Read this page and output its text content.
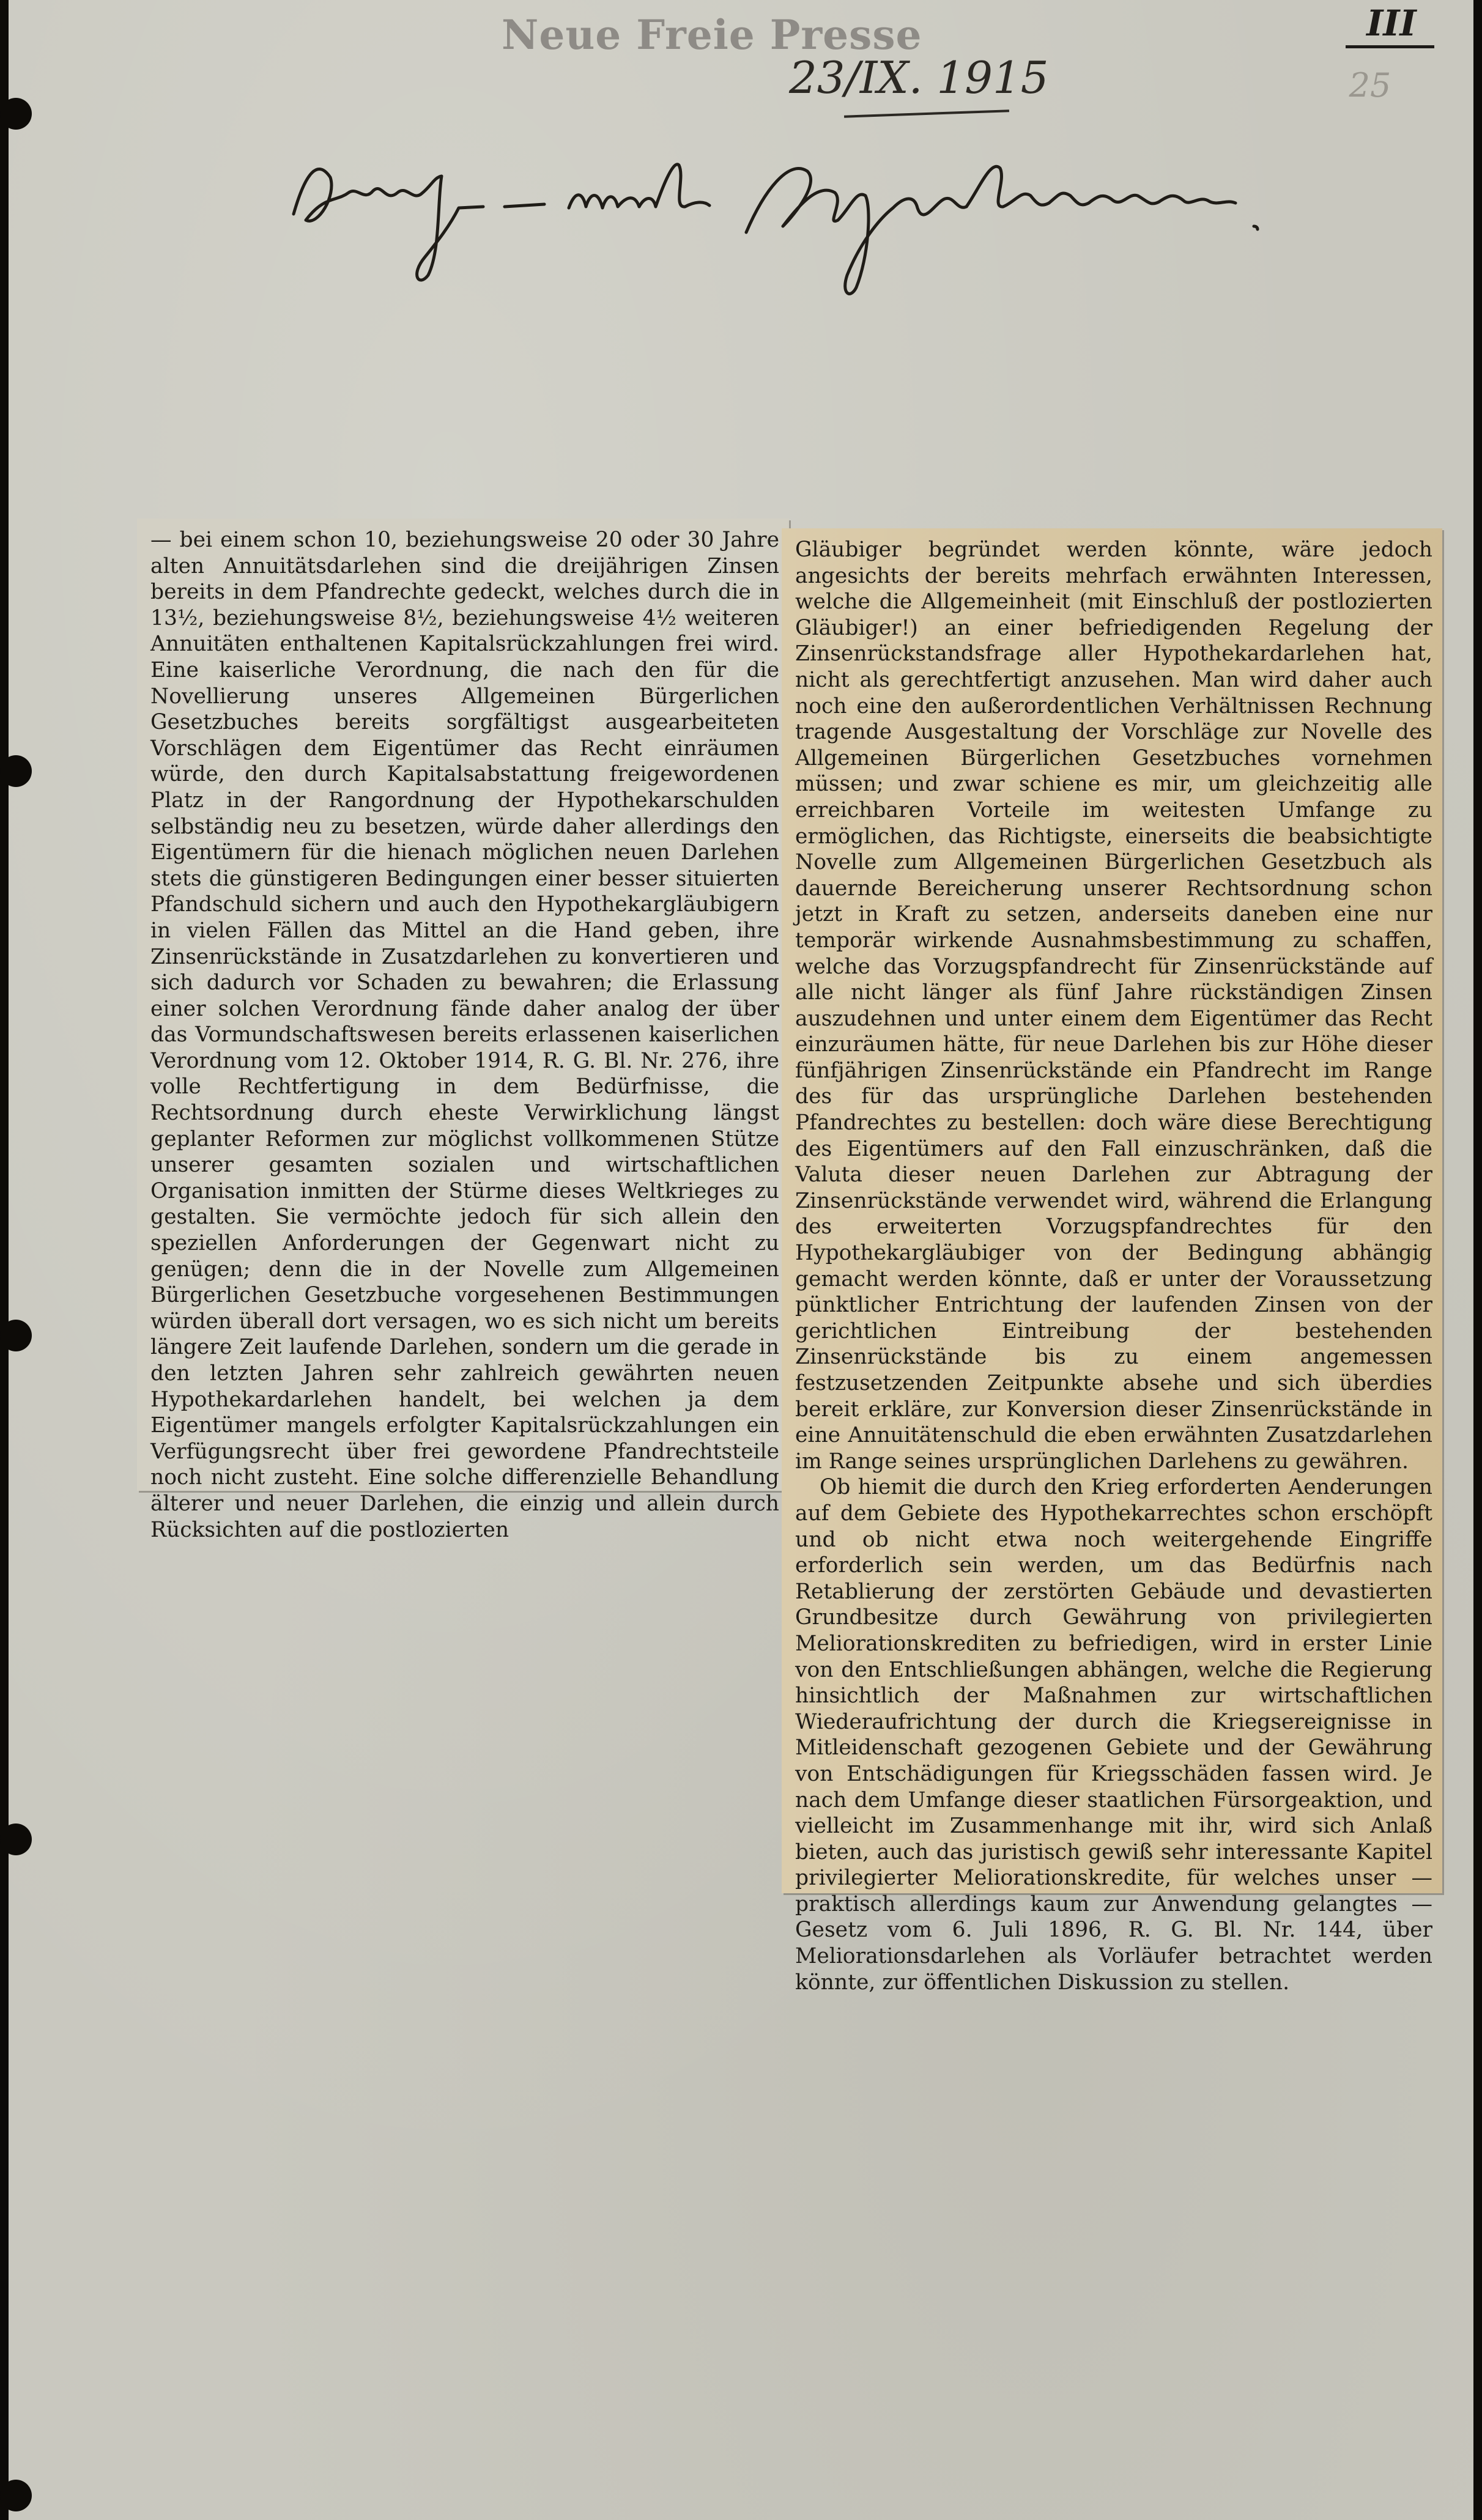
Neue Freie Presse
23/IX. 1915
III
25

— bei einem schon 10, beziehungsweise 20 oder 30 Jahre alten Annuitätsdarlehen sind die dreijährigen Zinsen bereits in dem Pfandrechte gedeckt, welches durch die in 13½, beziehungsweise 8½, beziehungsweise 4½ weiteren Annuitäten enthaltenen Kapitalsrückzahlungen frei wird. Eine kaiserliche Verordnung, die nach den für die Novellierung unseres Allgemeinen Bürgerlichen Gesetzbuches bereits sorgfältigst ausgearbeiteten Vorschlägen dem Eigentümer das Recht einräumen würde, den durch Kapitalsabstattung freigewordenen Platz in der Rangordnung der Hypothekarschulden selbständig neu zu besetzen, würde daher allerdings den Eigentümern für die hienach möglichen neuen Darlehen stets die günstigeren Bedingungen einer besser situierten Pfandschuld sichern und auch den Hypothekargläubigern in vielen Fällen das Mittel an die Hand geben, ihre Zinsenrückstände in Zusatzdarlehen zu konvertieren und sich dadurch vor Schaden zu bewahren; die Erlassung einer solchen Verordnung fände daher analog der über das Vormundschaftswesen bereits erlassenen kaiserlichen Verordnung vom 12. Oktober 1914, R. G. Bl. Nr. 276, ihre volle Rechtfertigung in dem Bedürfnisse, die Rechtsordnung durch eheste Verwirklichung längst geplanter Reformen zur möglichst vollkommenen Stütze unserer gesamten sozialen und wirtschaftlichen Organisation inmitten der Stürme dieses Weltkrieges zu gestalten. Sie vermöchte jedoch für sich allein den speziellen Anforderungen der Gegenwart nicht zu genügen; denn die in der Novelle zum Allgemeinen Bürgerlichen Gesetzbuche vorgesehenen Bestimmungen würden überall dort versagen, wo es sich nicht um bereits längere Zeit laufende Darlehen, sondern um die gerade in den letzten Jahren sehr zahlreich gewährten neuen Hypothekardarlehen handelt, bei welchen ja dem Eigentümer mangels erfolgter Kapitalsrückzahlungen ein Verfügungsrecht über frei gewordene Pfandrechtsteile noch nicht zusteht. Eine solche differenzielle Behandlung älterer und neuer Darlehen, die einzig und allein durch Rücksichten auf die postlozierten

Gläubiger begründet werden könnte, wäre jedoch angesichts der bereits mehrfach erwähnten Interessen, welche die Allgemeinheit (mit Einschluß der postlozierten Gläubiger!) an einer befriedigenden Regelung der Zinsenrückstandsfrage aller Hypothekardarlehen hat, nicht als gerechtfertigt anzusehen. Man wird daher auch noch eine den außerordentlichen Verhältnissen Rechnung tragende Ausgestaltung der Vorschläge zur Novelle des Allgemeinen Bürgerlichen Gesetzbuches vornehmen müssen; und zwar schiene es mir, um gleichzeitig alle erreichbaren Vorteile im weitesten Umfange zu ermöglichen, das Richtigste, einerseits die beabsichtigte Novelle zum Allgemeinen Bürgerlichen Gesetzbuch als dauernde Bereicherung unserer Rechtsordnung schon jetzt in Kraft zu setzen, anderseits daneben eine nur temporär wirkende Ausnahmsbestimmung zu schaffen, welche das Vorzugspfandrecht für Zinsenrückstände auf alle nicht länger als fünf Jahre rückständigen Zinsen auszudehnen und unter einem dem Eigentümer das Recht einzuräumen hätte, für neue Darlehen bis zur Höhe dieser fünfjährigen Zinsenrückstände ein Pfandrecht im Range des für das ursprüngliche Darlehen bestehenden Pfandrechtes zu bestellen: doch wäre diese Berechtigung des Eigentümers auf den Fall einzuschränken, daß die Valuta dieser neuen Darlehen zur Abtragung der Zinsenrückstände verwendet wird, während die Erlangung des erweiterten Vorzugspfandrechtes für den Hypothekargläubiger von der Bedingung abhängig gemacht werden könnte, daß er unter der Voraussetzung pünktlicher Entrichtung der laufenden Zinsen von der gerichtlichen Eintreibung der bestehenden Zinsenrückstände bis zu einem angemessen festzusetzenden Zeitpunkte absehe und sich überdies bereit erkläre, zur Konversion dieser Zinsenrückstände in eine Annuitätenschuld die eben erwähnten Zusatzdarlehen im Range seines ursprünglichen Darlehens zu gewähren.

Ob hiemit die durch den Krieg erforderten Aenderungen auf dem Gebiete des Hypothekarrechtes schon erschöpft und ob nicht etwa noch weitergehende Eingriffe erforderlich sein werden, um das Bedürfnis nach Retablierung der zerstörten Gebäude und devastierten Grundbesitze durch Gewährung von privilegierten Meliorationskrediten zu befriedigen, wird in erster Linie von den Entschließungen abhängen, welche die Regierung hinsichtlich der Maßnahmen zur wirtschaftlichen Wiederaufrichtung der durch die Kriegsereignisse in Mitleidenschaft gezogenen Gebiete und der Gewährung von Entschädigungen für Kriegsschäden fassen wird. Je nach dem Umfange dieser staatlichen Fürsorgeaktion, und vielleicht im Zusammenhange mit ihr, wird sich Anlaß bieten, auch das juristisch gewiß sehr interessante Kapitel privilegierter Meliorationskredite, für welches unser — praktisch allerdings kaum zur Anwendung gelangtes — Gesetz vom 6. Juli 1896, R. G. Bl. Nr. 144, über Meliorationsdarlehen als Vorläufer betrachtet werden könnte, zur öffentlichen Diskussion zu stellen.
